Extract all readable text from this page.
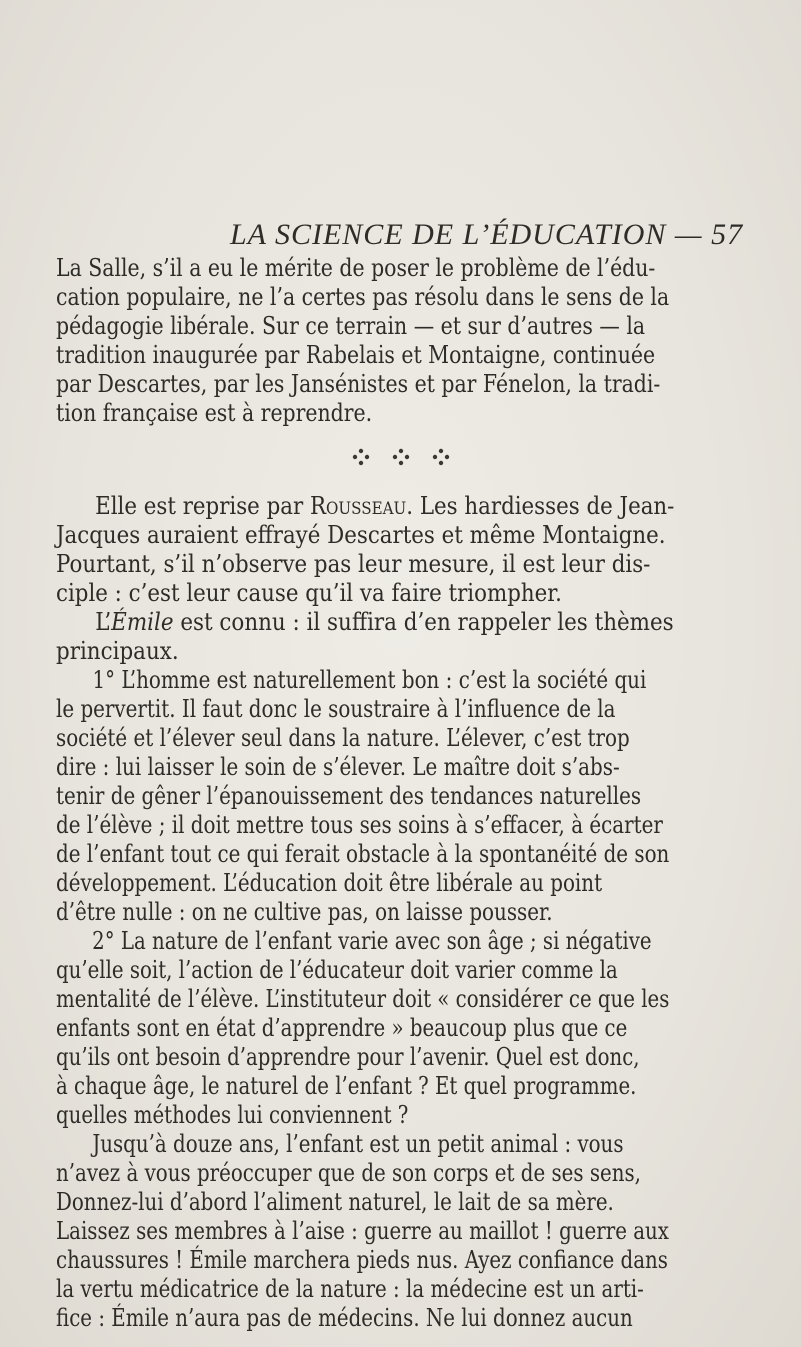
LA SCIENCE DE L’ÉDUCATION — 57
La Salle, s’il a eu le mérite de poser le problème de l’édu-
cation populaire, ne l’a certes pas résolu dans le sens de la
pédagogie libérale. Sur ce terrain — et sur d’autres — la
tradition inaugurée par Rabelais et Montaigne, continuée
par Descartes, par les Jansénistes et par Fénelon, la tradi-
tion française est à reprendre.
Elle est reprise par Rousseau. Les hardiesses de Jean-
Jacques auraient effrayé Descartes et même Montaigne.
Pourtant, s’il n’observe pas leur mesure, il est leur dis-
ciple : c’est leur cause qu’il va faire triompher.
L’Émile est connu : il suffira d’en rappeler les thèmes
principaux.
1° L’homme est naturellement bon : c’est la société qui
le pervertit. Il faut donc le soustraire à l’influence de la
société et l’élever seul dans la nature. L’élever, c’est trop
dire : lui laisser le soin de s’élever. Le maître doit s’abs-
tenir de gêner l’épanouissement des tendances naturelles
de l’élève ; il doit mettre tous ses soins à s’effacer, à écarter
de l’enfant tout ce qui ferait obstacle à la spontanéité de son
développement. L’éducation doit être libérale au point
d’être nulle : on ne cultive pas, on laisse pousser.
2° La nature de l’enfant varie avec son âge ; si négative
qu’elle soit, l’action de l’éducateur doit varier comme la
mentalité de l’élève. L’instituteur doit « considérer ce que les
enfants sont en état d’apprendre » beaucoup plus que ce
qu’ils ont besoin d’apprendre pour l’avenir. Quel est donc,
à chaque âge, le naturel de l’enfant ? Et quel programme.
quelles méthodes lui conviennent ?
Jusqu’à douze ans, l’enfant est un petit animal : vous
n’avez à vous préoccuper que de son corps et de ses sens,
Donnez-lui d’abord l’aliment naturel, le lait de sa mère.
Laissez ses membres à l’aise : guerre au maillot ! guerre aux
chaussures ! Émile marchera pieds nus. Ayez confiance dans
la vertu médicatrice de la nature : la médecine est un arti-
fice : Émile n’aura pas de médecins. Ne lui donnez aucun
